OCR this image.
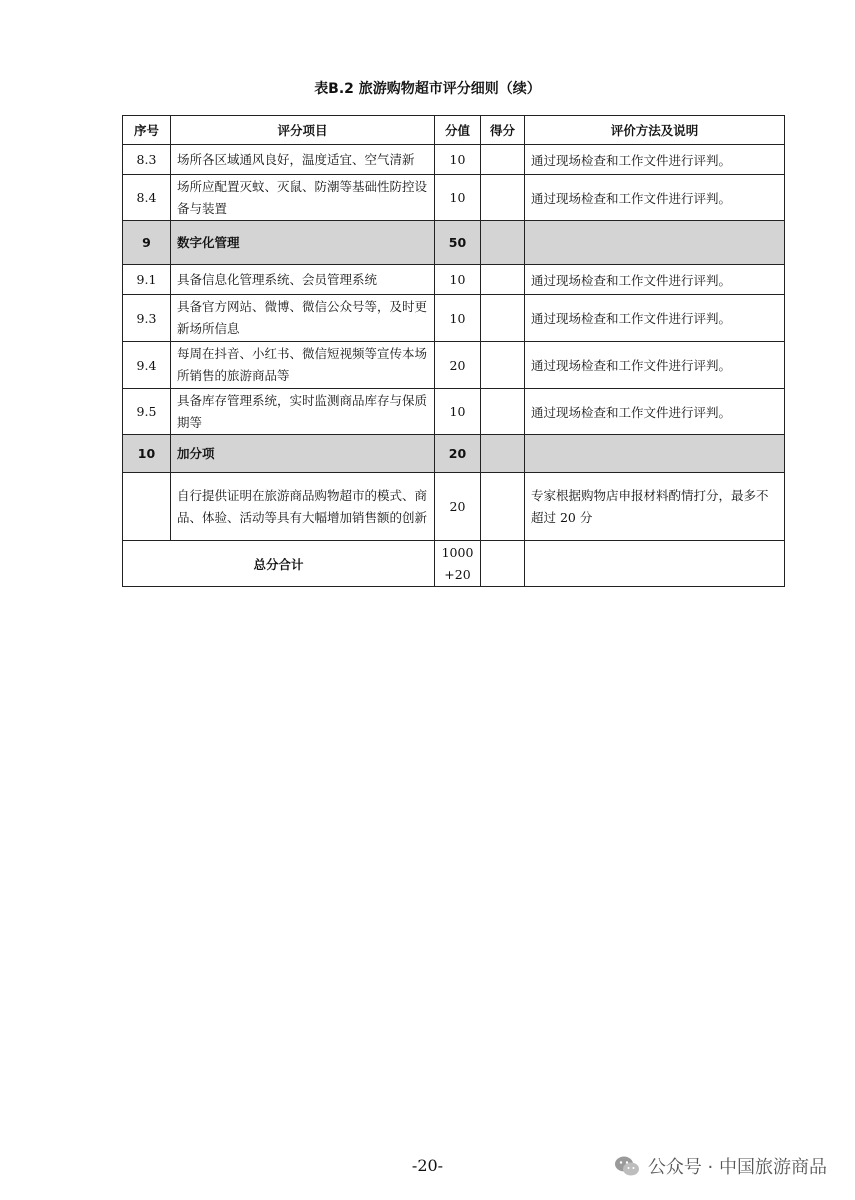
表B.2 旅游购物超市评分细则（续）
序号	评分项目	分值	得分	评价方法及说明
8.3	场所各区域通风良好，温度适宜、空气清新	10		通过现场检查和工作文件进行评判。
8.4	场所应配置灭蚊、灭鼠、防潮等基础性防控设备与装置	10		通过现场检查和工作文件进行评判。
9	数字化管理	50		
9.1	具备信息化管理系统、会员管理系统	10		通过现场检查和工作文件进行评判。
9.3	具备官方网站、微博、微信公众号等，及时更新场所信息	10		通过现场检查和工作文件进行评判。
9.4	每周在抖音、小红书、微信短视频等宣传本场所销售的旅游商品等	20		通过现场检查和工作文件进行评判。
9.5	具备库存管理系统，实时监测商品库存与保质期等	10		通过现场检查和工作文件进行评判。
10	加分项	20		
	自行提供证明在旅游商品购物超市的模式、商品、体验、活动等具有大幅增加销售额的创新	20		专家根据购物店申报材料酌情打分，最多不超过 20 分
总分合计		1000
+20		

-20-	公众号 · 中国旅游商品
